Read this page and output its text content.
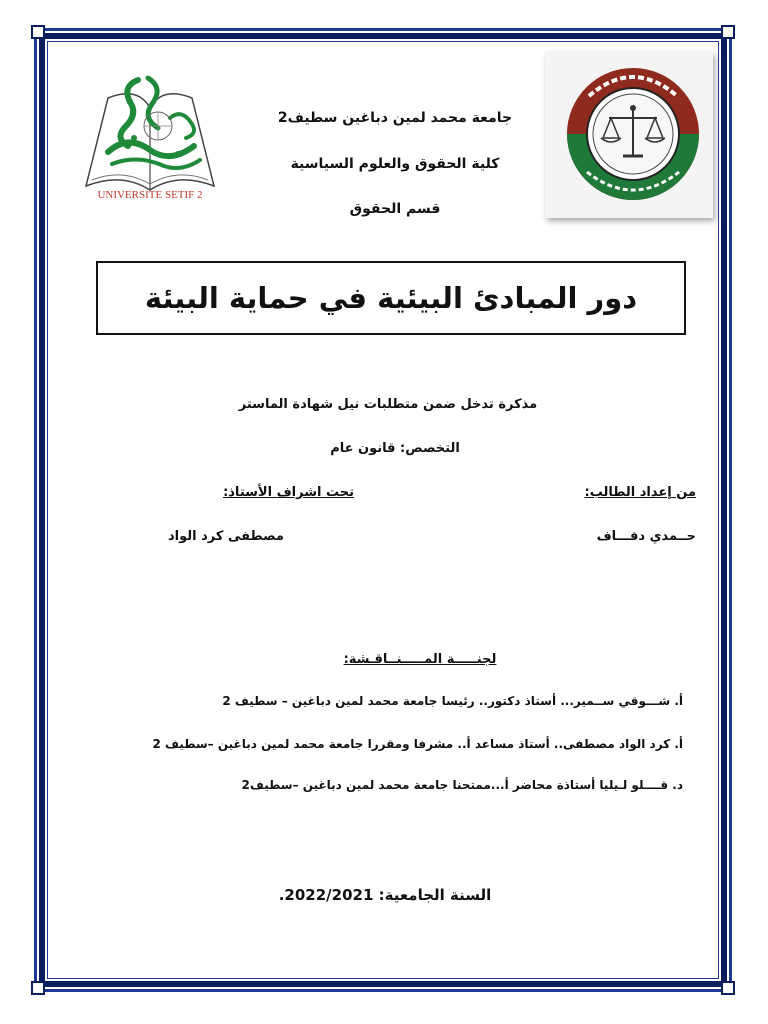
UNIVERSITE SETIF 2
جامعة محمد لمين دباغين سطيف2
كلية الحقوق والعلوم السياسية
قسم الحقوق
دور المبادئ البيئية في حماية البيئة
مذكرة تدخل ضمن متطلبات نيل شهادة الماستر
التخصص: قانون عام
من إعداد الطالب:
تحت اشراف الأستاذ:
حــمدي دفـــاف
مصطفى كرد الواد
لجنـــــة المـــــنــاقـشة:
أ. شـــوقي ســمير... أستاذ دكتور.. رئيسا جامعة محمد لمين دباغين – سطيف 2
أ. كرد الواد مصطفى.. أستاذ مساعد أ.. مشرفا ومقررا جامعة محمد لمين دباغين –سطيف 2
د. قــــلو لـيليا أستاذة محاضر أ...ممتحنا جامعة محمد لمين دباغين –سطيف2
السنة الجامعية: 2022/2021.
